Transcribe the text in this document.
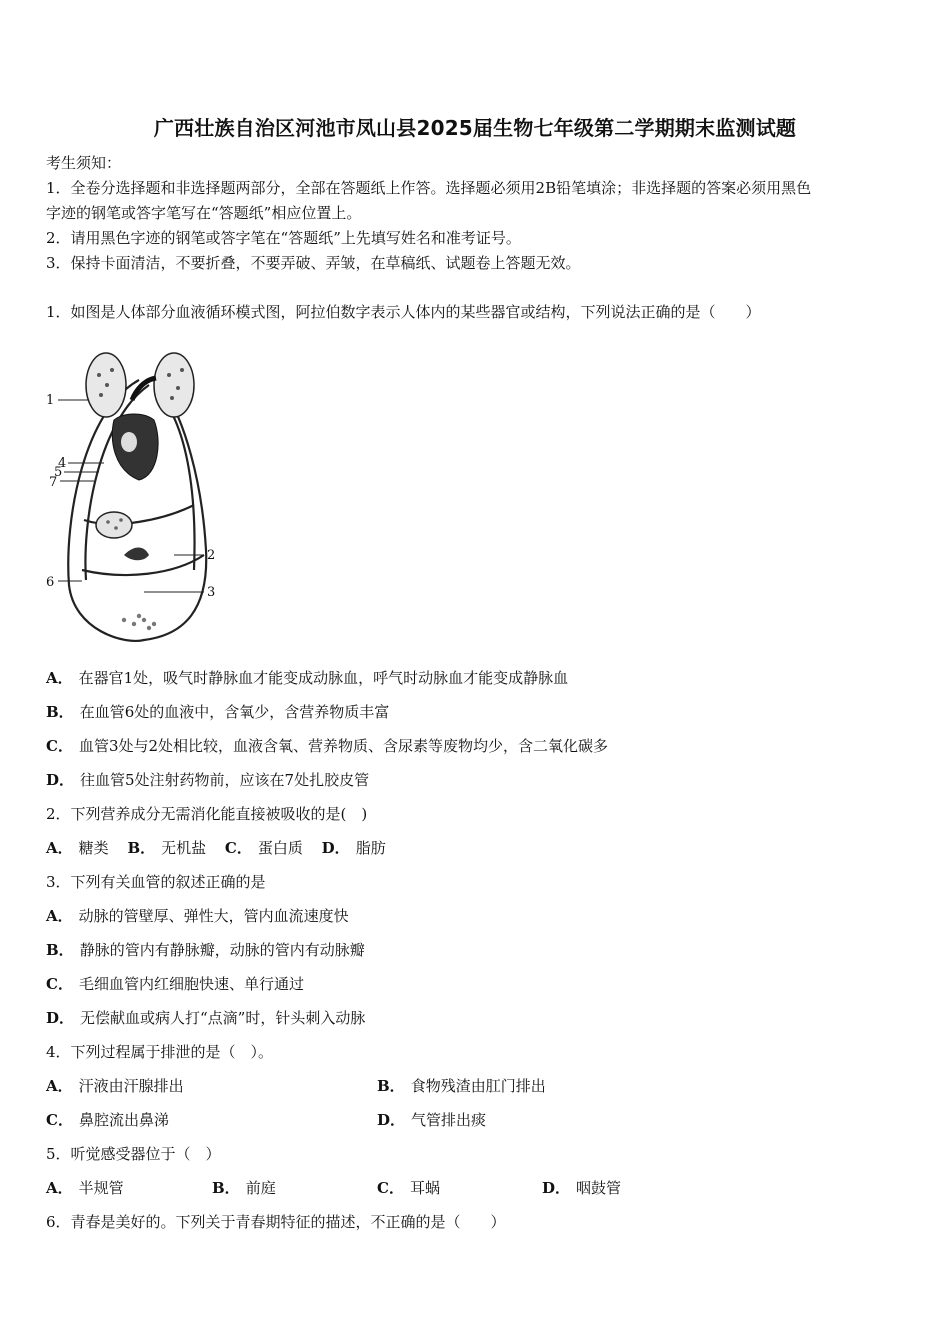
广西壮族自治区河池市凤山县2025届生物七年级第二学期期末监测试题
考生须知：
1．全卷分选择题和非选择题两部分，全部在答题纸上作答。选择题必须用2B铅笔填涂；非选择题的答案必须用黑色
字迹的钢笔或答字笔写在“答题纸”相应位置上。
2．请用黑色字迹的钢笔或答字笔在“答题纸”上先填写姓名和准考证号。
3．保持卡面清洁，不要折叠，不要弄破、弄皱，在草稿纸、试题卷上答题无效。
1．如图是人体部分血液循环模式图，阿拉伯数字表示人体内的某些器官或结构，下列说法正确的是（　　）
1
4
5
7
2
6
3
A． 在器官1处，吸气时静脉血才能变成动脉血，呼气时动脉血才能变成静脉血
B． 在血管6处的血液中，含氧少，含营养物质丰富
C． 血管3处与2处相比较，血液含氧、营养物质、含尿素等废物均少，含二氧化碳多
D． 往血管5处注射药物前，应该在7处扎胶皮管
2．下列营养成分无需消化能直接被吸收的是(　)
A． 糖类 B． 无机盐 C． 蛋白质 D． 脂肪
3．下列有关血管的叙述正确的是
A． 动脉的管壁厚、弹性大，管内血流速度快
B． 静脉的管内有静脉瓣，动脉的管内有动脉瓣
C． 毛细血管内红细胞快速、单行通过
D． 无偿献血或病人打“点滴”时，针头刺入动脉
4．下列过程属于排泄的是（　）。
A． 汗液由汗腺排出	B． 食物残渣由肛门排出
C． 鼻腔流出鼻涕	D． 气管排出痰
5．听觉感受器位于（　）
A． 半规管	B． 前庭	C． 耳蜗	D． 咽鼓管
6．青春是美好的。下列关于青春期特征的描述，不正确的是（　　）
